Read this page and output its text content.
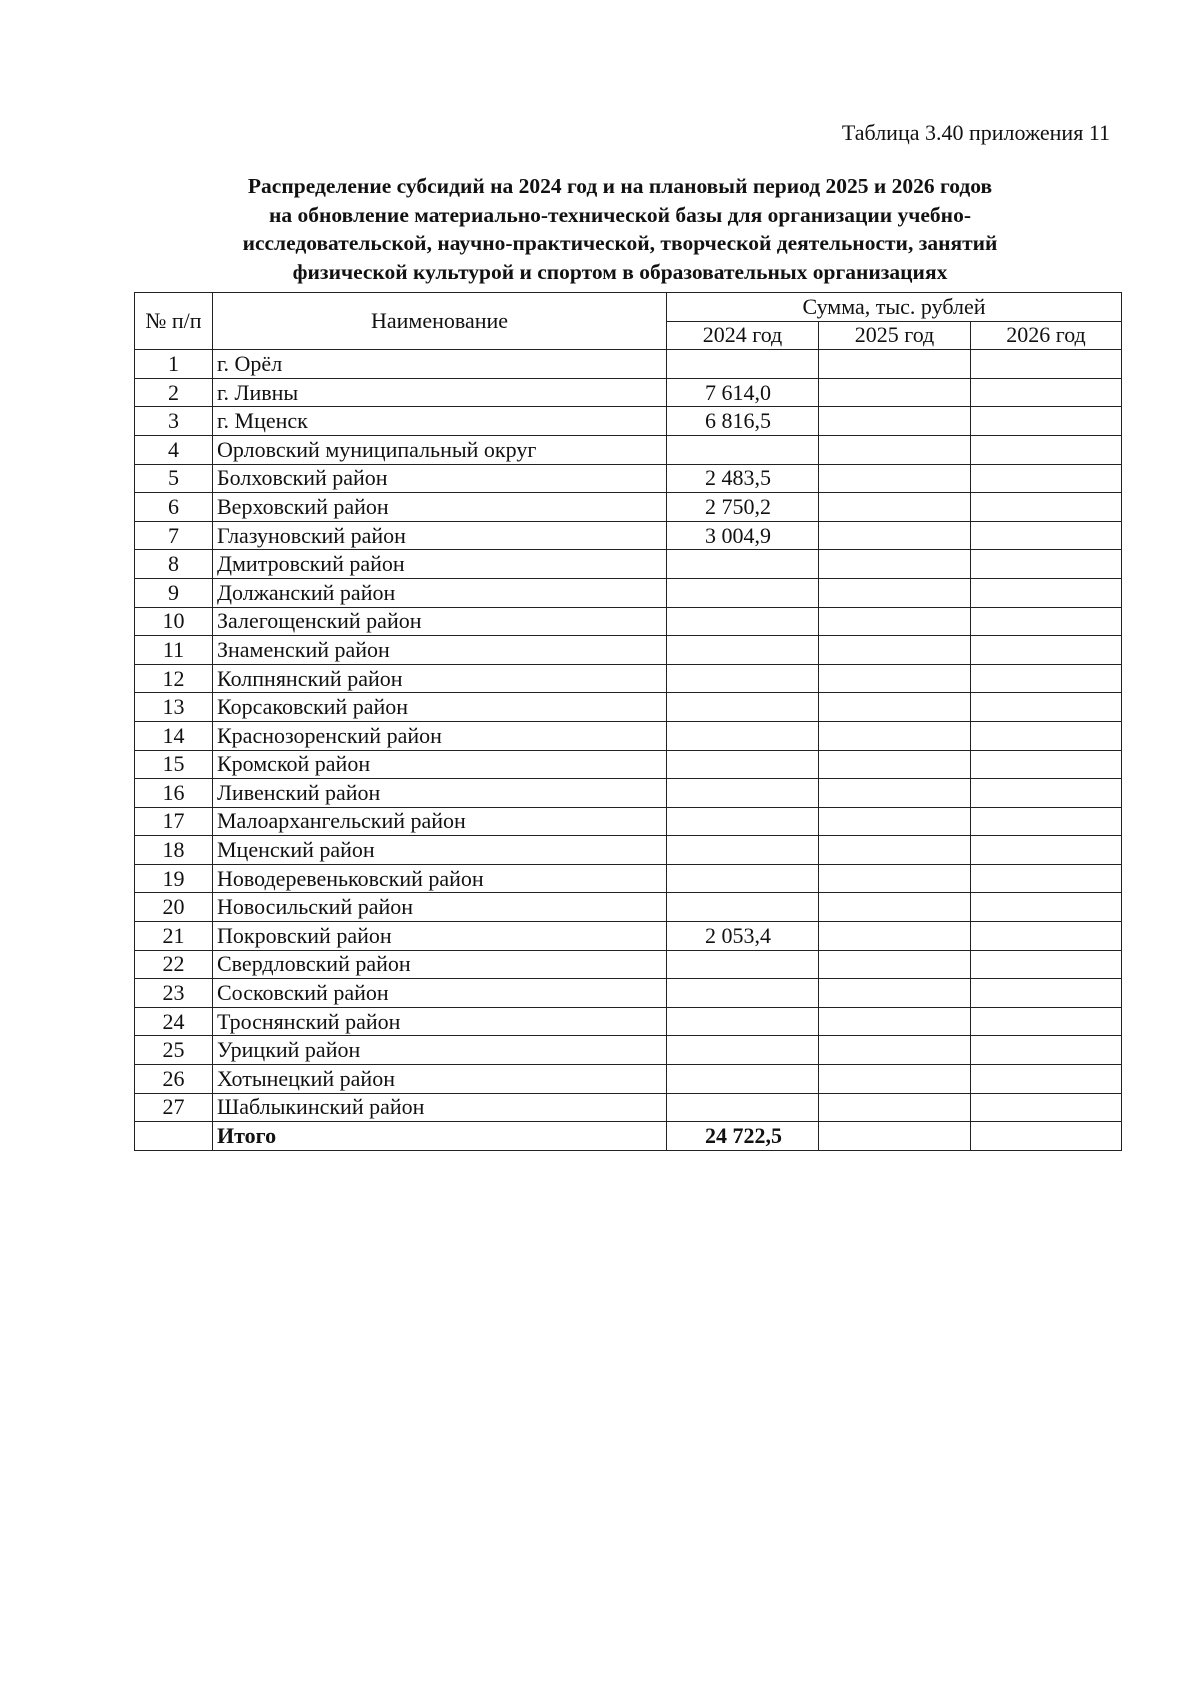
Таблица 3.40 приложения 11
Распределение субсидий на 2024 год и на плановый период 2025 и 2026 годов
на обновление материально-технической базы для организации учебно-
исследовательской, научно-практической, творческой деятельности, занятий
физической культурой и спортом в образовательных организациях
№ п/п	Наименование	Сумма, тыс. рублей		
		2024 год	2025 год	2026 год
1	г. Орёл			
2	г. Ливны	7 614,0		
3	г. Мценск	6 816,5		
4	Орловский муниципальный округ			
5	Болховский район	2 483,5		
6	Верховский район	2 750,2		
7	Глазуновский район	3 004,9		
8	Дмитровский район			
9	Должанский район			
10	Залегощенский район			
11	Знаменский район			
12	Колпнянский район			
13	Корсаковский район			
14	Краснозоренский район			
15	Кромской район			
16	Ливенский район			
17	Малоархангельский район			
18	Мценский район			
19	Новодеревеньковский район			
20	Новосильский район			
21	Покровский район	2 053,4		
22	Свердловский район			
23	Сосковский район			
24	Троснянский район			
25	Урицкий район			
26	Хотынецкий район			
27	Шаблыкинский район			
	Итого	24 722,5		
